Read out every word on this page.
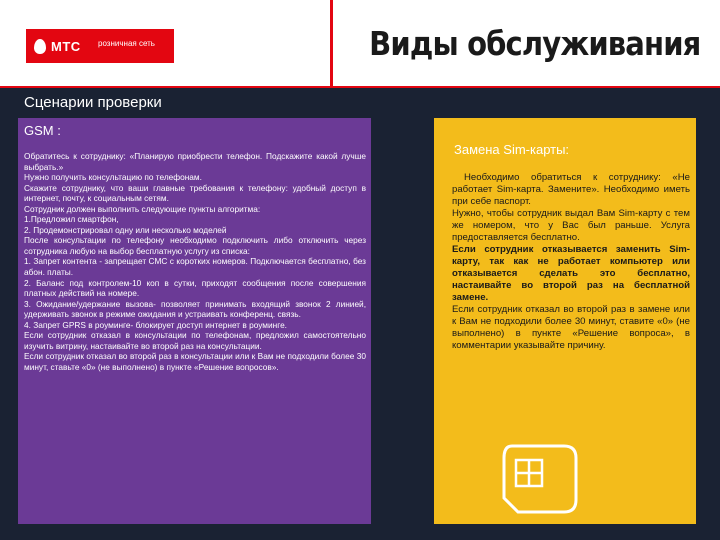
МТС розничная сеть	Виды обслуживания
Сценарии проверки
GSM :
Обратитесь к сотруднику: «Планирую приобрести телефон. Подскажите какой лучше выбрать.»
Нужно получить консультацию по телефонам.
Скажите сотруднику, что ваши главные требования к телефону: удобный доступ в интернет, почту, к социальным сетям.
Сотрудник должен выполнить следующие пункты алгоритма:
1.Предложил смартфон,
2. Продемонстрировал одну или несколько моделей
После консультации по телефону необходимо подключить либо отключить через сотрудника любую на выбор бесплатную услугу из списка:
1. Запрет контента - запрещает СМС с коротких номеров. Подключается бесплатно, без абон. платы.
2. Баланс под контролем-10 коп в сутки, приходят сообщения после совершения платных действий на номере.
3. Ожидание/удержание вызова- позволяет принимать входящий звонок 2 линией, удерживать звонок в режиме ожидания и устраивать конференц. связь.
4. Запрет GPRS в роуминге- блокирует доступ интернет в роуминге.
Если сотрудник отказал в консультации по телефонам, предложил самостоятельно изучить витрину, настаивайте во второй раз на консультации.
Если сотрудник отказал во второй раз в консультации или к Вам не подходили более 30 минут, ставьте «0» (не выполнено) в пункте «Решение вопросов».
Замена Sim-карты:

Необходимо обратиться к сотруднику: «Не работает Sim-карта. Замените». Необходимо иметь при себе паспорт.

Нужно, чтобы сотрудник выдал Вам Sim-карту с тем же номером, что у Вас был раньше. Услуга предоставляется бесплатно.

Если сотрудник отказывается заменить Sim-карту, так как не работает компьютер или отказывается сделать это бесплатно, настаивайте во второй раз на бесплатной замене.

Если сотрудник отказал во второй раз в замене или к Вам не подходили более 30 минут, ставите «0» (не выполнено) в пункте «Решение вопроса», в комментарии указывайте причину.
